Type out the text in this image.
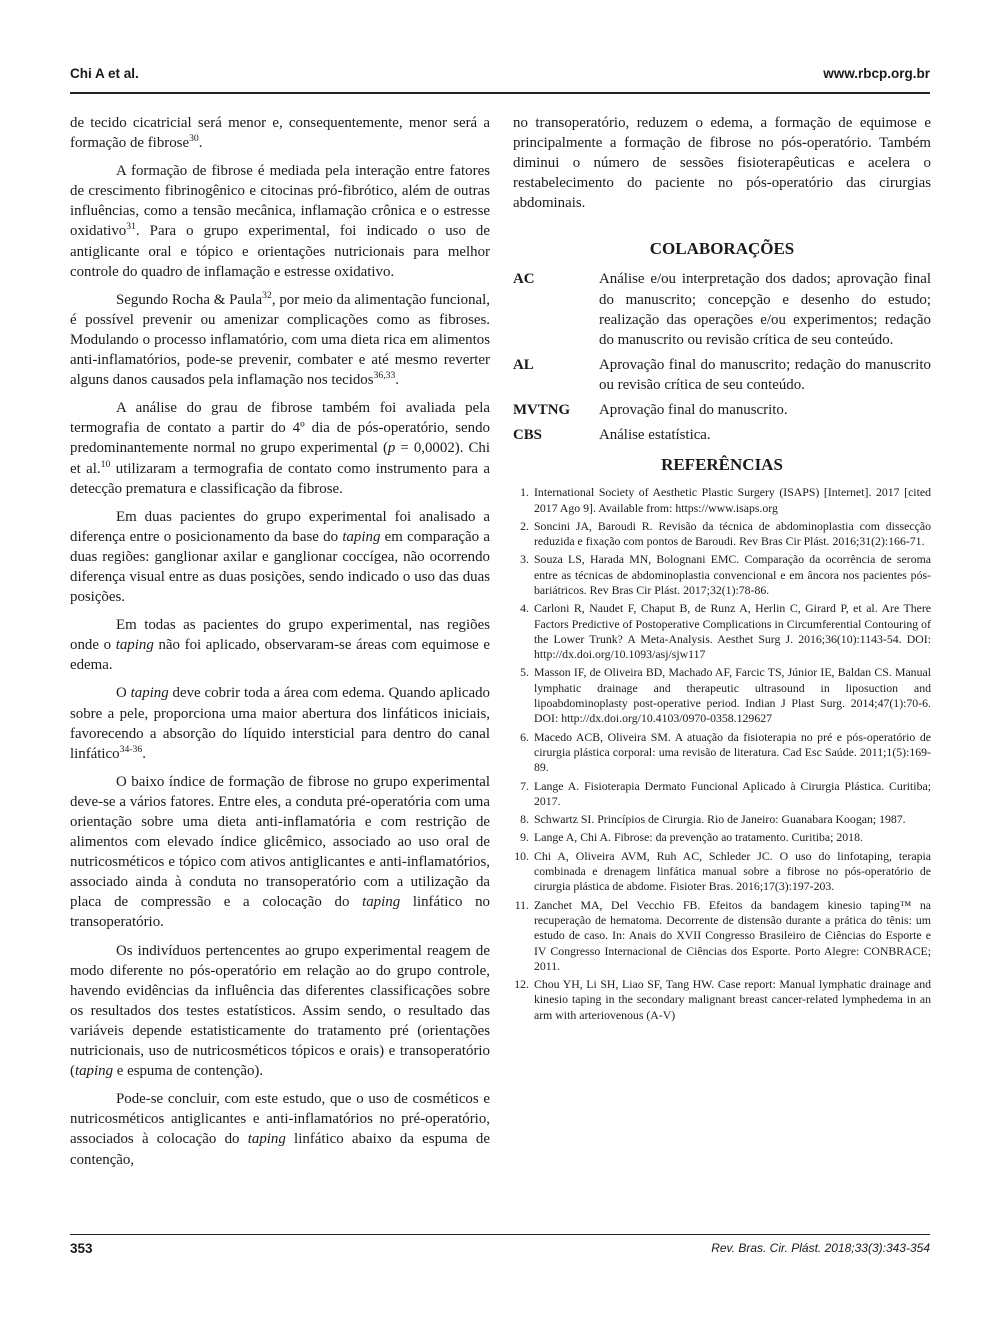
Chi A et al.	www.rbcp.org.br

de tecido cicatricial será menor e, consequentemente, menor será a formação de fibrose$^{30}$.

A formação de fibrose é mediada pela interação entre fatores de crescimento fibrinogênico e citocinas pró-fibrótico, além de outras influências, como a tensão mecânica, inflamação crônica e o estresse oxidativo$^{31}$. Para o grupo experimental, foi indicado o uso de antiglicante oral e tópico e orientações nutricionais para melhor controle do quadro de inflamação e estresse oxidativo.

Segundo Rocha & Paula$^{32}$, por meio da alimentação funcional, é possível prevenir ou amenizar complicações como as fibroses. Modulando o processo inflamatório, com uma dieta rica em alimentos anti-inflamatórios, pode-se prevenir, combater e até mesmo reverter alguns danos causados pela inflamação nos tecidos$^{36,33}$.

A análise do grau de fibrose também foi avaliada pela termografia de contato a partir do 4º dia de pós-operatório, sendo predominantemente normal no grupo experimental (p = 0,0002). Chi et al.$^{10}$ utilizaram a termografia de contato como instrumento para a detecção prematura e classificação da fibrose.

Em duas pacientes do grupo experimental foi analisado a diferença entre o posicionamento da base do taping em comparação a duas regiões: ganglionar axilar e ganglionar coccígea, não ocorrendo diferença visual entre as duas posições, sendo indicado o uso das duas posições.

Em todas as pacientes do grupo experimental, nas regiões onde o taping não foi aplicado, observaram-se áreas com equimose e edema.

O taping deve cobrir toda a área com edema. Quando aplicado sobre a pele, proporciona uma maior abertura dos linfáticos iniciais, favorecendo a absorção do líquido intersticial para dentro do canal linfático$^{34-36}$.

O baixo índice de formação de fibrose no grupo experimental deve-se a vários fatores. Entre eles, a conduta pré-operatória com uma orientação sobre uma dieta anti-inflamatória e com restrição de alimentos com elevado índice glicêmico, associado ao uso oral de nutricosméticos e tópico com ativos antiglicantes e anti-inflamatórios, associado ainda à conduta no transoperatório com a utilização da placa de compressão e a colocação do taping linfático no transoperatório.

Os indivíduos pertencentes ao grupo experimental reagem de modo diferente no pós-operatório em relação ao do grupo controle, havendo evidências da influência das diferentes classificações sobre os resultados dos testes estatísticos. Assim sendo, o resultado das variáveis depende estatisticamente do tratamento pré (orientações nutricionais, uso de nutricosméticos tópicos e orais) e transoperatório (taping e espuma de contenção).

Pode-se concluir, com este estudo, que o uso de cosméticos e nutricosméticos antiglicantes e anti-inflamatórios no pré-operatório, associados à colocação do taping linfático abaixo da espuma de contenção,

no transoperatório, reduzem o edema, a formação de equimose e principalmente a formação de fibrose no pós-operatório. Também diminui o número de sessões fisioterapêuticas e acelera o restabelecimento do paciente no pós-operatório das cirurgias abdominais.

COLABORAÇÕES
AC	Análise e/ou interpretação dos dados; aprovação final do manuscrito; concepção e desenho do estudo; realização das operações e/ou experimentos; redação do manuscrito ou revisão crítica de seu conteúdo.
AL	Aprovação final do manuscrito; redação do manuscrito ou revisão crítica de seu conteúdo.
MVTNG	Aprovação final do manuscrito.
CBS	Análise estatística.
REFERÊNCIAS
1. International Society of Aesthetic Plastic Surgery (ISAPS) [Internet]. 2017 [cited 2017 Ago 9]. Available from: https://www.isaps.org
2. Soncini JA, Baroudi R. Revisão da técnica de abdominoplastia com dissecção reduzida e fixação com pontos de Baroudi. Rev Bras Cir Plást. 2016;31(2):166-71.
3. Souza LS, Harada MN, Bolognani EMC. Comparação da ocorrência de seroma entre as técnicas de abdominoplastia convencional e em âncora nos pacientes pós-bariátricos. Rev Bras Cir Plást. 2017;32(1):78-86.
4. Carloni R, Naudet F, Chaput B, de Runz A, Herlin C, Girard P, et al. Are There Factors Predictive of Postoperative Complications in Circumferential Contouring of the Lower Trunk? A Meta-Analysis. Aesthet Surg J. 2016;36(10):1143-54. DOI: http://dx.doi.org/10.1093/asj/sjw117
5. Masson IF, de Oliveira BD, Machado AF, Farcic TS, Júnior IE, Baldan CS. Manual lymphatic drainage and therapeutic ultrasound in liposuction and lipoabdominoplasty post-operative period. Indian J Plast Surg. 2014;47(1):70-6. DOI: http://dx.doi.org/10.4103/0970-0358.129627
6. Macedo ACB, Oliveira SM. A atuação da fisioterapia no pré e pós-operatório de cirurgia plástica corporal: uma revisão de literatura. Cad Esc Saúde. 2011;1(5):169-89.
7. Lange A. Fisioterapia Dermato Funcional Aplicado à Cirurgia Plástica. Curitiba; 2017.
8. Schwartz SI. Princípios de Cirurgia. Rio de Janeiro: Guanabara Koogan; 1987.
9. Lange A, Chi A. Fibrose: da prevenção ao tratamento. Curitiba; 2018.
10. Chi A, Oliveira AVM, Ruh AC, Schleder JC. O uso do linfotaping, terapia combinada e drenagem linfática manual sobre a fibrose no pós-operatório de cirurgia plástica de abdome. Fisioter Bras. 2016;17(3):197-203.
11. Zanchet MA, Del Vecchio FB. Efeitos da bandagem kinesio taping™ na recuperação de hematoma. Decorrente de distensão durante a prática do tênis: um estudo de caso. In: Anais do XVII Congresso Brasileiro de Ciências do Esporte e IV Congresso Internacional de Ciências dos Esporte. Porto Alegre: CONBRACE; 2011.
12. Chou YH, Li SH, Liao SF, Tang HW. Case report: Manual lymphatic drainage and kinesio taping in the secondary malignant breast cancer-related lymphedema in an arm with arteriovenous (A-V)
353	Rev. Bras. Cir. Plást. 2018;33(3):343-354
